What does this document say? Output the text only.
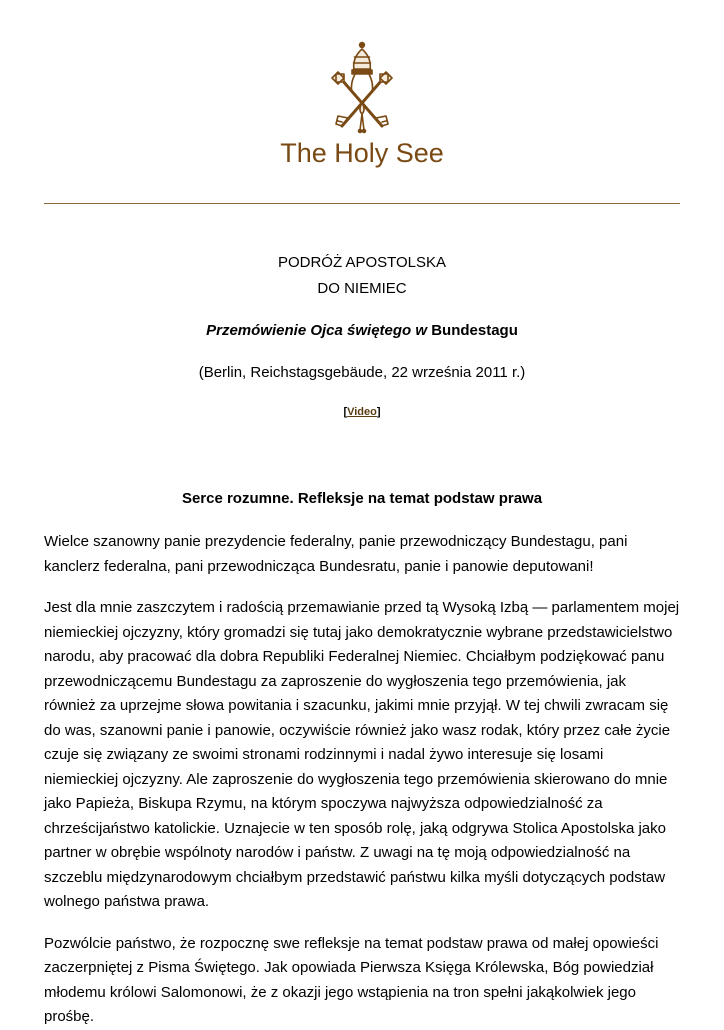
The Holy See
PODRÓŻ APOSTOLSKA
DO NIEMIEC
Przemówienie Ojca świętego w Bundestagu
(Berlin, Reichstagsgebäude, 22 września 2011 r.)
[Video]
Serce rozumne. Refleksje na temat podstaw prawa

Wielce szanowny panie prezydencie federalny, panie przewodniczący Bundestagu, pani kanclerz federalna, pani przewodnicząca Bundesratu, panie i panowie deputowani!

Jest dla mnie zaszczytem i radością przemawianie przed tą Wysoką Izbą — parlamentem mojej niemieckiej ojczyzny, który gromadzi się tutaj jako demokratycznie wybrane przedstawicielstwo narodu, aby pracować dla dobra Republiki Federalnej Niemiec. Chciałbym podziękować panu przewodniczącemu Bundestagu za zaproszenie do wygłoszenia tego przemówienia, jak również za uprzejme słowa powitania i szacunku, jakimi mnie przyjął. W tej chwili zwracam się do was, szanowni panie i panowie, oczywiście również jako wasz rodak, który przez całe życie czuje się związany ze swoimi stronami rodzinnymi i nadal żywo interesuje się losami niemieckiej ojczyzny. Ale zaproszenie do wygłoszenia tego przemówienia skierowano do mnie jako Papieża, Biskupa Rzymu, na którym spoczywa najwyższa odpowiedzialność za chrześcijaństwo katolickie. Uznajecie w ten sposób rolę, jaką odgrywa Stolica Apostolska jako partner w obrębie wspólnoty narodów i państw. Z uwagi na tę moją odpowiedzialność na szczeblu międzynarodowym chciałbym przedstawić państwu kilka myśli dotyczących podstaw wolnego państwa prawa.

Pozwólcie państwo, że rozpocznę swe refleksje na temat podstaw prawa od małej opowieści zaczerpniętej z Pisma Świętego. Jak opowiada Pierwsza Księga Królewska, Bóg powiedział młodemu królowi Salomonowi, że z okazji jego wstąpienia na tron spełni jakąkolwiek jego prośbę.
